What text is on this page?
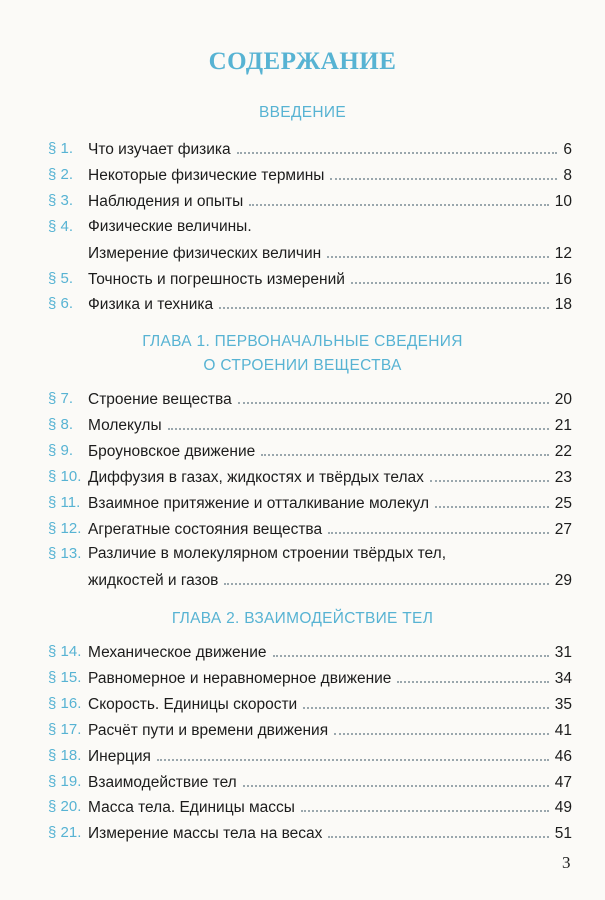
СОДЕРЖАНИЕ
ВВЕДЕНИЕ
§ 1. Что изучает физика	6
§ 2. Некоторые физические термины	8
§ 3. Наблюдения и опыты	10
§ 4. Физические величины.
Измерение физических величин	12
§ 5. Точность и погрешность измерений	16
§ 6. Физика и техника	18
ГЛАВА 1. ПЕРВОНАЧАЛЬНЫЕ СВЕДЕНИЯ
О СТРОЕНИИ ВЕЩЕСТВА
§ 7. Строение вещества	20
§ 8. Молекулы	21
§ 9. Броуновское движение	22
§ 10. Диффузия в газах, жидкостях и твёрдых телах	23
§ 11. Взаимное притяжение и отталкивание молекул	25
§ 12. Агрегатные состояния вещества	27
§ 13. Различие в молекулярном строении твёрдых тел,
жидкостей и газов	29
ГЛАВА 2. ВЗАИМОДЕЙСТВИЕ ТЕЛ
§ 14. Механическое движение	31
§ 15. Равномерное и неравномерное движение	34
§ 16. Скорость. Единицы скорости	35
§ 17. Расчёт пути и времени движения	41
§ 18. Инерция	46
§ 19. Взаимодействие тел	47
§ 20. Масса тела. Единицы массы	49
§ 21. Измерение массы тела на весах	51
3
